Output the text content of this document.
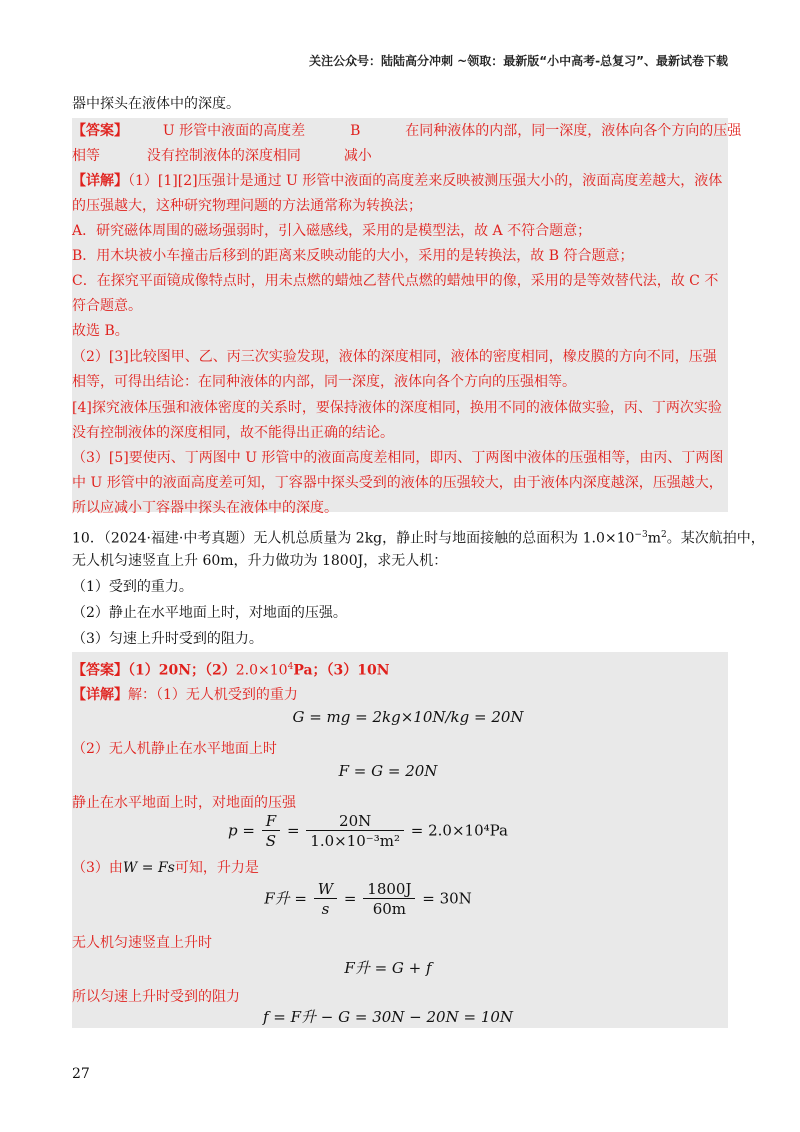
关注公众号：陆陆高分冲刺 ~领取：最新版“小中高考-总复习”、最新试卷下载
器中探头在液体中的深度。
【答案】 U 形管中液面的高度差	B	在同种液体的内部，同一深度，液体向各个方向的压强
相等	没有控制液体的深度相同	减小
【详解】（1）[1][2]压强计是通过 U 形管中液面的高度差来反映被测压强大小的，液面高度差越大，液体
的压强越大，这种研究物理问题的方法通常称为转换法；
A．研究磁体周围的磁场强弱时，引入磁感线，采用的是模型法，故 A 不符合题意；
B．用木块被小车撞击后移到的距离来反映动能的大小，采用的是转换法，故 B 符合题意；
C．在探究平面镜成像特点时，用未点燃的蜡烛乙替代点燃的蜡烛甲的像，采用的是等效替代法，故 C 不
符合题意。
故选 B。
（2）[3]比较图甲、乙、丙三次实验发现，液体的深度相同，液体的密度相同，橡皮膜的方向不同，压强
相等，可得出结论：在同种液体的内部，同一深度，液体向各个方向的压强相等。
[4]探究液体压强和液体密度的关系时，要保持液体的深度相同，换用不同的液体做实验，丙、丁两次实验
没有控制液体的深度相同，故不能得出正确的结论。
（3）[5]要使丙、丁两图中 U 形管中的液面高度差相同，即丙、丁两图中液体的压强相等，由丙、丁两图
中 U 形管中的液面高度差可知，丁容器中探头受到的液体的压强较大，由于液体内深度越深，压强越大，
所以应减小丁容器中探头在液体中的深度。
10．（2024·福建·中考真题）无人机总质量为 2kg，静止时与地面接触的总面积为 $1.0\times 10^{-3}m^2$。某次航拍中，
无人机匀速竖直上升 60m，升力做功为 1800J，求无人机：
（1）受到的重力。
（2）静止在水平地面上时，对地面的压强。
（3）匀速上升时受到的阻力。
【答案】（1）20N；$(2)2.0\times 10^4Pa$；（3）10N
【详解】解：（1）无人机受到的重力
G = mg = 2kg×10N/kg = 20N
（2）无人机静止在水平地面上时
F = G = 20N
静止在水平地面上时，对地面的压强
$p = \frac{F}{S} = \frac{20N}{\text{1.0×10⁻³m²}} = 2.0\times 10^4Pa$
（3）由W = Fs可知，升力是
F升 = $\frac{W}{s} = \frac{1800J}{60m} = 30N$
无人机匀速竖直上升时
F升 = G + f
所以匀速上升时受到的阻力
f = F升 − G = 30N − 20N = 10N
27
